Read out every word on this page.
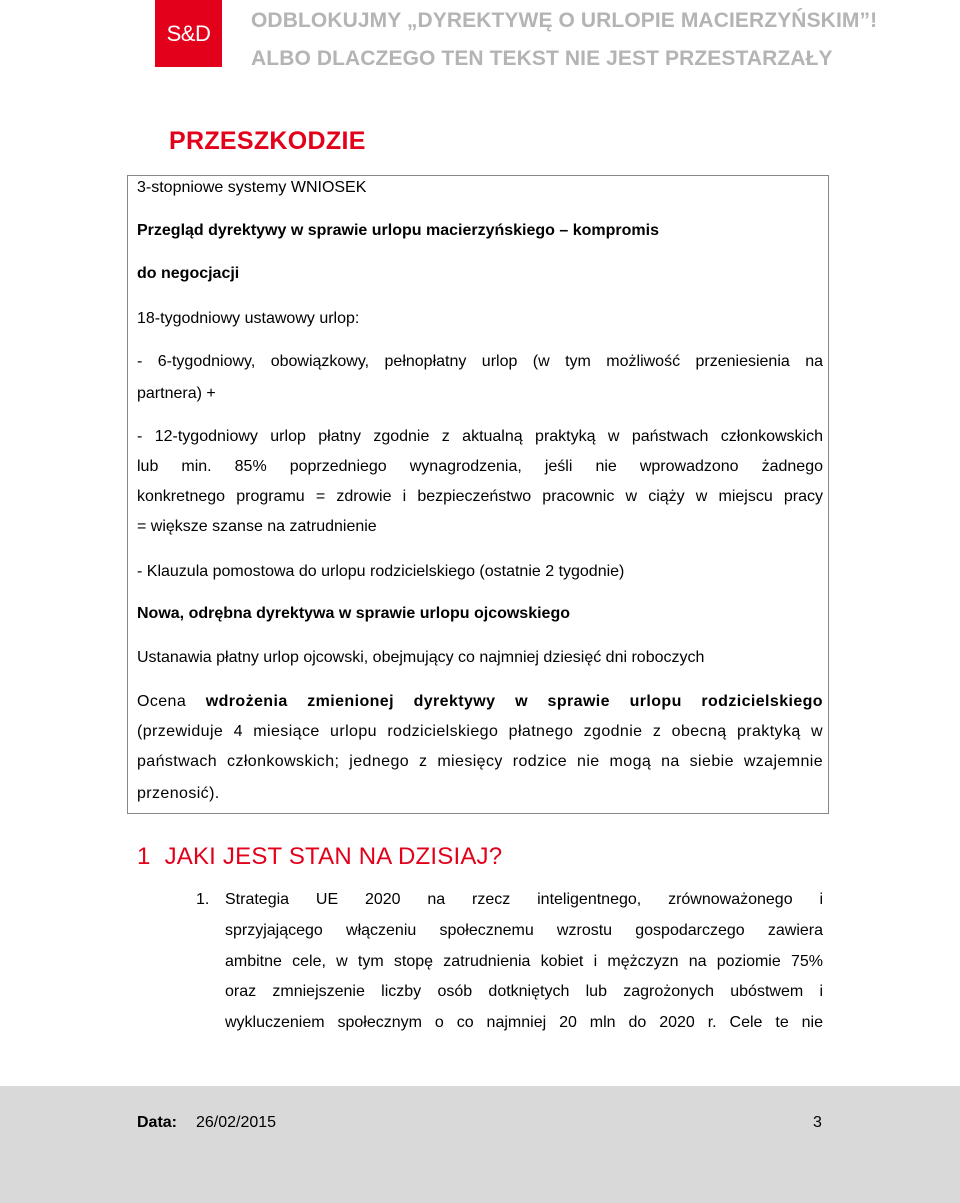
S&D ODBLOKUJMY „DYREKTYWĘ O URLOPIE MACIERZYŃSKIM”!
ALBO DLACZEGO TEN TEKST NIE JEST PRZESTARZAŁY
PRZESZKODZIE
3-stopniowe systemy WNIOSEK
Przegląd dyrektywy w sprawie urlopu macierzyńskiego – kompromis
do negocjacji
18-tygodniowy ustawowy urlop:
- 6-tygodniowy, obowiązkowy, pełnopłatny urlop (w tym możliwość przeniesienia na
partnera) +
- 12-tygodniowy urlop płatny zgodnie z aktualną praktyką w państwach członkowskich
lub min. 85% poprzedniego wynagrodzenia, jeśli nie wprowadzono żadnego
konkretnego programu = zdrowie i bezpieczeństwo pracownic w ciąży w miejscu pracy
= większe szanse na zatrudnienie
- Klauzula pomostowa do urlopu rodzicielskiego (ostatnie 2 tygodnie)
Nowa, odrębna dyrektywa w sprawie urlopu ojcowskiego
Ustanawia płatny urlop ojcowski, obejmujący co najmniej dziesięć dni roboczych
Ocena wdrożenia zmienionej dyrektywy w sprawie urlopu rodzicielskiego
(przewiduje 4 miesiące urlopu rodzicielskiego płatnego zgodnie z obecną praktyką w
państwach członkowskich; jednego z miesięcy rodzice nie mogą na siebie wzajemnie
przenosić).
1 JAKI JEST STAN NA DZISIAJ?
1. Strategia UE 2020 na rzecz inteligentnego, zrównoważonego i
sprzyjającego włączeniu społecznemu wzrostu gospodarczego zawiera
ambitne cele, w tym stopę zatrudnienia kobiet i mężczyzn na poziomie 75%
oraz zmniejszenie liczby osób dotkniętych lub zagrożonych ubóstwem i
wykluczeniem społecznym o co najmniej 20 mln do 2020 r. Cele te nie
Data: 26/02/2015	3
